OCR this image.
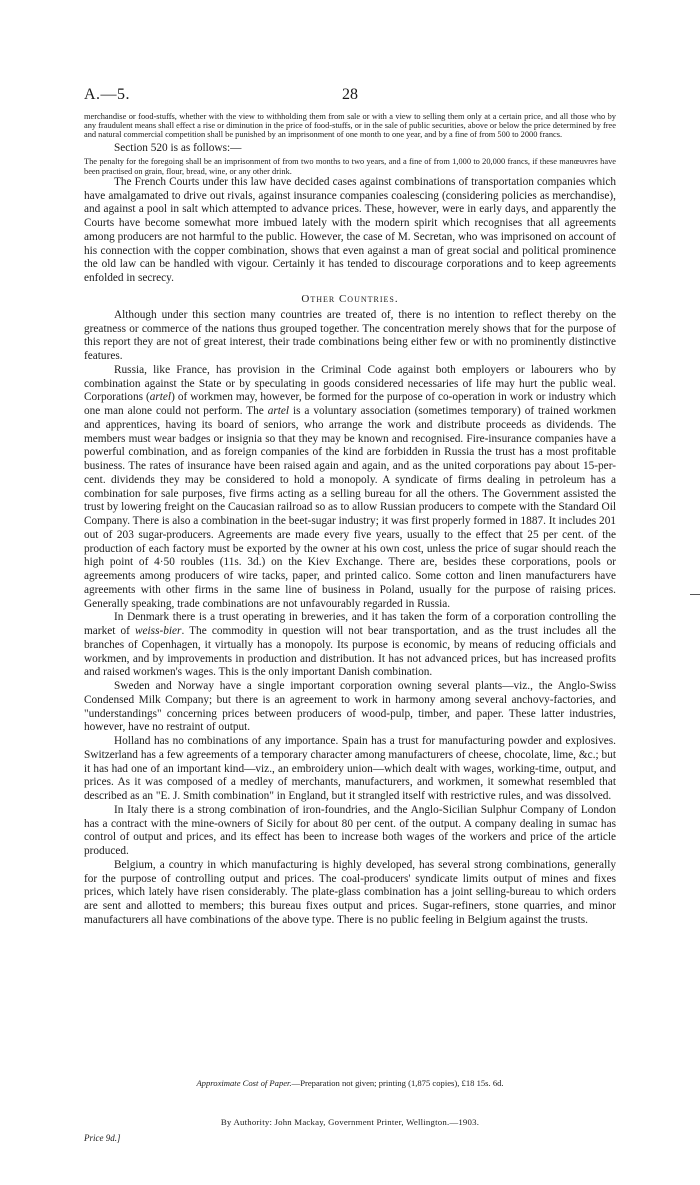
A.—5.	28

merchandise or food-stuffs, whether with the view to withholding them from sale or with a view to selling them only at a certain price, and all those who by any fraudulent means shall effect a rise or diminution in the price of food-stuffs, or in the sale of public securities, above or below the price determined by free and natural commercial competition shall be punished by an imprisonment of one month to one year, and by a fine of from 500 to 2000 francs.

Section 520 is as follows:—

The penalty for the foregoing shall be an imprisonment of from two months to two years, and a fine of from 1,000 to 20,000 francs, if these manœuvres have been practised on grain, flour, bread, wine, or any other drink.

The French Courts under this law have decided cases against combinations of transportation companies which have amalgamated to drive out rivals, against insurance companies coalescing (considering policies as merchandise), and against a pool in salt which attempted to advance prices. These, however, were in early days, and apparently the Courts have become somewhat more imbued lately with the modern spirit which recognises that all agreements among producers are not harmful to the public. However, the case of M. Secretan, who was imprisoned on account of his connection with the copper combination, shows that even against a man of great social and political prominence the old law can be handled with vigour. Certainly it has tended to discourage corporations and to keep agreements enfolded in secrecy.

Other Countries.

Although under this section many countries are treated of, there is no intention to reflect thereby on the greatness or commerce of the nations thus grouped together. The concentration merely shows that for the purpose of this report they are not of great interest, their trade combinations being either few or with no prominently distinctive features.

Russia, like France, has provision in the Criminal Code against both employers or labourers who by combination against the State or by speculating in goods considered necessaries of life may hurt the public weal. Corporations (artel) of workmen may, however, be formed for the purpose of co-operation in work or industry which one man alone could not perform. The artel is a voluntary association (sometimes temporary) of trained workmen and apprentices, having its board of seniors, who arrange the work and distribute proceeds as dividends. The members must wear badges or insignia so that they may be known and recognised. Fire-insurance companies have a powerful combination, and as foreign companies of the kind are forbidden in Russia the trust has a most profitable business. The rates of insurance have been raised again and again, and as the united corporations pay about 15-per-cent. dividends they may be considered to hold a monopoly. A syndicate of firms dealing in petroleum has a combination for sale purposes, five firms acting as a selling bureau for all the others. The Government assisted the trust by lowering freight on the Caucasian railroad so as to allow Russian producers to compete with the Standard Oil Company. There is also a combination in the beet-sugar industry; it was first properly formed in 1887. It includes 201 out of 203 sugar-producers. Agreements are made every five years, usually to the effect that 25 per cent. of the production of each factory must be exported by the owner at his own cost, unless the price of sugar should reach the high point of 4·50 roubles (11s. 3d.) on the Kiev Exchange. There are, besides these corporations, pools or agreements among producers of wire tacks, paper, and printed calico. Some cotton and linen manufacturers have agreements with other firms in the same line of business in Poland, usually for the purpose of raising prices. Generally speaking, trade combinations are not unfavourably regarded in Russia.

In Denmark there is a trust operating in breweries, and it has taken the form of a corporation controlling the market of weiss-bier. The commodity in question will not bear transportation, and as the trust includes all the branches of Copenhagen, it virtually has a monopoly. Its purpose is economic, by means of reducing officials and workmen, and by improvements in production and distribution. It has not advanced prices, but has increased profits and raised workmen's wages. This is the only important Danish combination.

Sweden and Norway have a single important corporation owning several plants—viz., the Anglo-Swiss Condensed Milk Company; but there is an agreement to work in harmony among several anchovy-factories, and "understandings" concerning prices between producers of wood-pulp, timber, and paper. These latter industries, however, have no restraint of output.

Holland has no combinations of any importance. Spain has a trust for manufacturing powder and explosives. Switzerland has a few agreements of a temporary character among manufacturers of cheese, chocolate, lime, &c.; but it has had one of an important kind—viz., an embroidery union—which dealt with wages, working-time, output, and prices. As it was composed of a medley of merchants, manufacturers, and workmen, it somewhat resembled that described as an "E. J. Smith combination" in England, but it strangled itself with restrictive rules, and was dissolved.

In Italy there is a strong combination of iron-foundries, and the Anglo-Sicilian Sulphur Company of London has a contract with the mine-owners of Sicily for about 80 per cent. of the output. A company dealing in sumac has control of output and prices, and its effect has been to increase both wages of the workers and price of the article produced.

Belgium, a country in which manufacturing is highly developed, has several strong combinations, generally for the purpose of controlling output and prices. The coal-producers' syndicate limits output of mines and fixes prices, which lately have risen considerably. The plate-glass combination has a joint selling-bureau to which orders are sent and allotted to members; this bureau fixes output and prices. Sugar-refiners, stone quarries, and minor manufacturers all have combinations of the above type. There is no public feeling in Belgium against the trusts.

Approximate Cost of Paper.—Preparation not given; printing (1,875 copies), £18 15s. 6d.
By Authority: John Mackay, Government Printer, Wellington.—1903.
Price 9d.]
